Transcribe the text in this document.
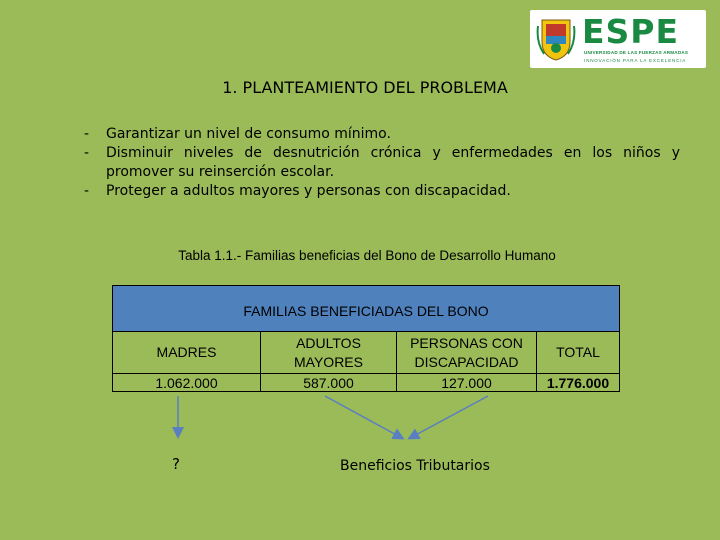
ESPE
UNIVERSIDAD DE LAS FUERZAS ARMADAS
INNOVACIÓN PARA LA EXCELENCIA
1. PLANTEAMIENTO DEL PROBLEMA
-	Garantizar un nivel de consumo mínimo.
-	Disminuir niveles de desnutrición crónica y enfermedades en los niños y promover su reinserción escolar.
-	Proteger a adultos mayores y personas con discapacidad.
Tabla 1.1.- Familias beneficias del Bono de Desarrollo Humano
FAMILIAS BENEFICIADAS DEL BONO			
MADRES	ADULTOS MAYORES	PERSONAS CON DISCAPACIDAD	TOTAL
1.062.000	587.000	127.000	1.776.000
?	Beneficios Tributarios
